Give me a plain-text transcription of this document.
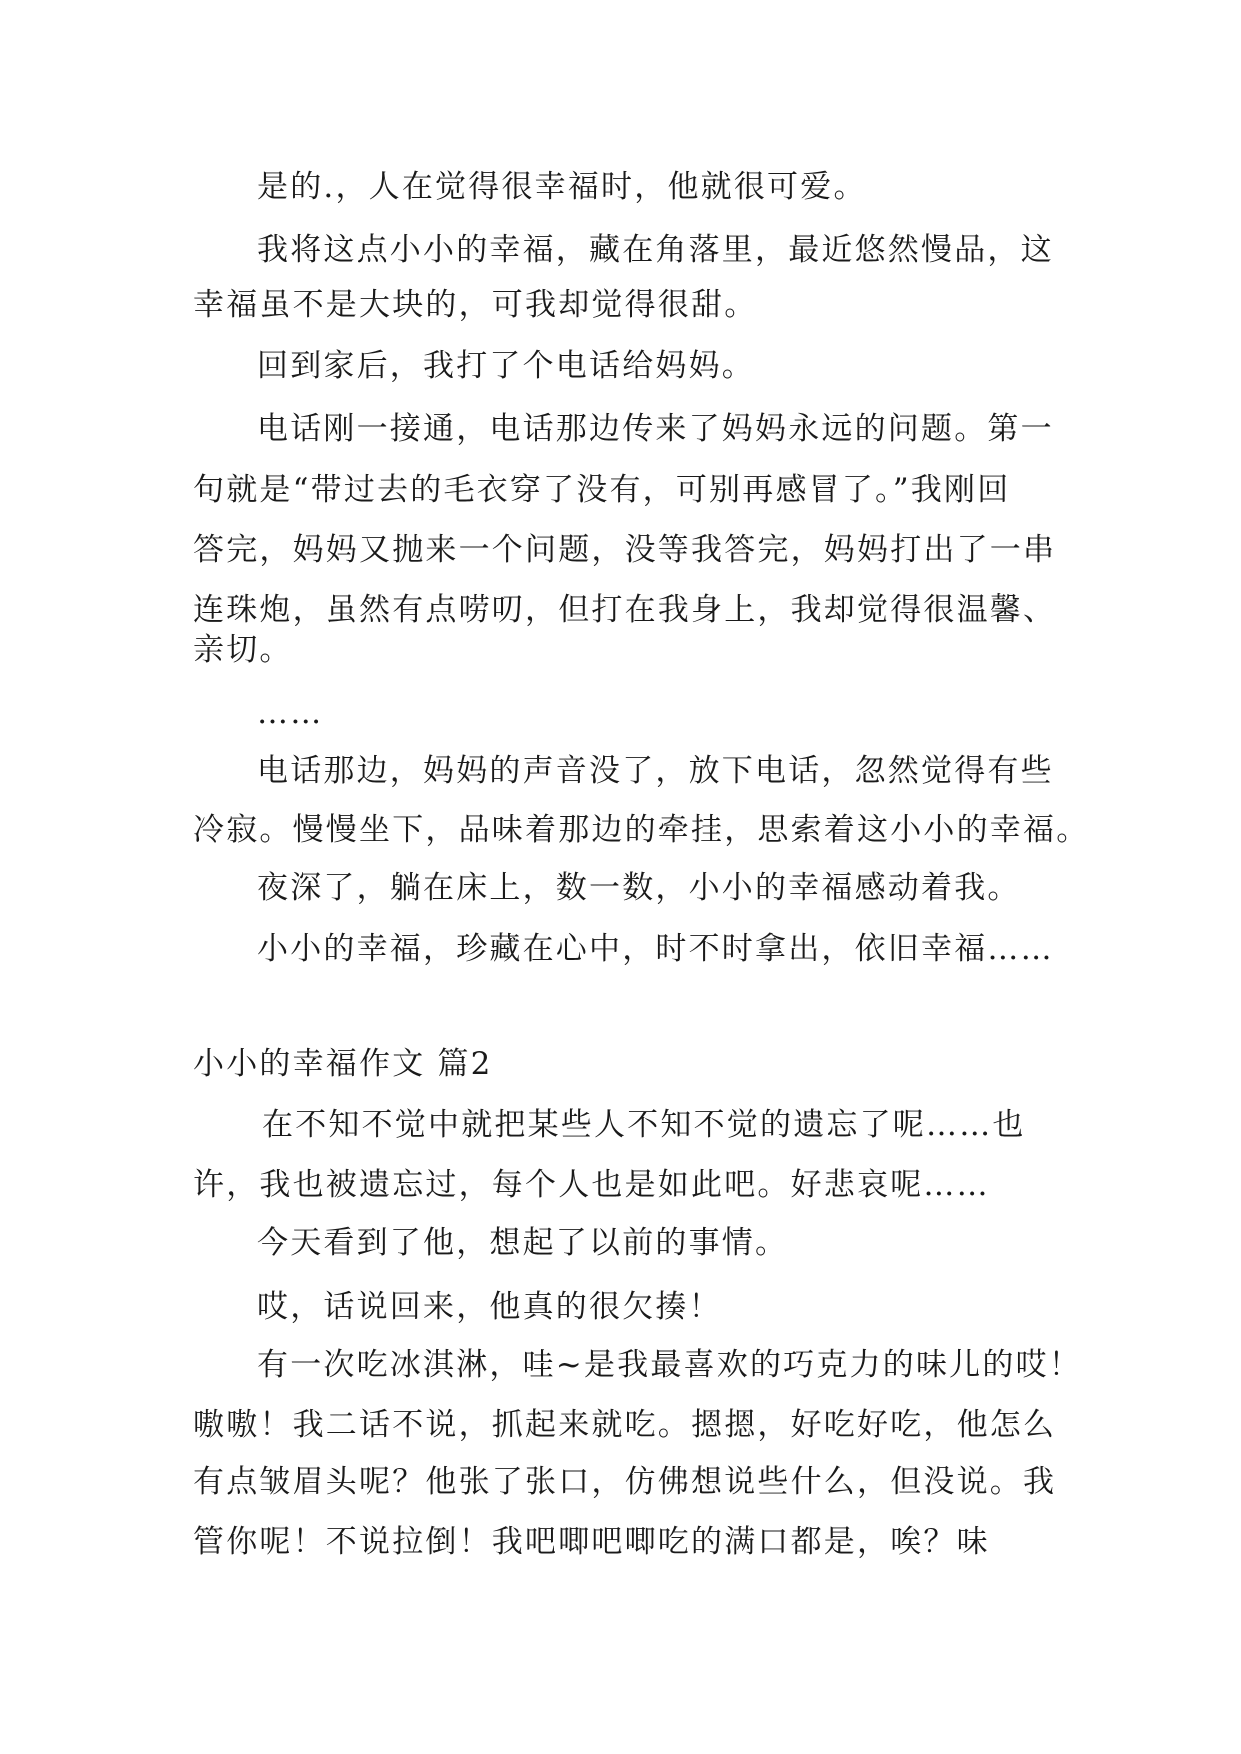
是的.，人在觉得很幸福时，他就很可爱。
我将这点小小的幸福，藏在角落里，最近悠然慢品，这
幸福虽不是大块的，可我却觉得很甜。
回到家后，我打了个电话给妈妈。
电话刚一接通，电话那边传来了妈妈永远的问题。第一
句就是“带过去的毛衣穿了没有，可别再感冒了。”我刚回
答完，妈妈又抛来一个问题，没等我答完，妈妈打出了一串
连珠炮，虽然有点唠叨，但打在我身上，我却觉得很温馨、
亲切。
……
电话那边，妈妈的声音没了，放下电话，忽然觉得有些
冷寂。慢慢坐下，品味着那边的牵挂，思索着这小小的幸福。
夜深了，躺在床上，数一数，小小的幸福感动着我。
小小的幸福，珍藏在心中，时不时拿出，依旧幸福……
小小的幸福作文 篇2
在不知不觉中就把某些人不知不觉的遗忘了呢……也
许，我也被遗忘过，每个人也是如此吧。好悲哀呢……
今天看到了他，想起了以前的事情。
哎，话说回来，他真的很欠揍！
有一次吃冰淇淋，哇~是我最喜欢的巧克力的味儿的哎！
嗷嗷！我二话不说，抓起来就吃。摁摁，好吃好吃，他怎么
有点皱眉头呢？他张了张口，仿佛想说些什么，但没说。我
管你呢！不说拉倒！我吧唧吧唧吃的满口都是，唉？味
